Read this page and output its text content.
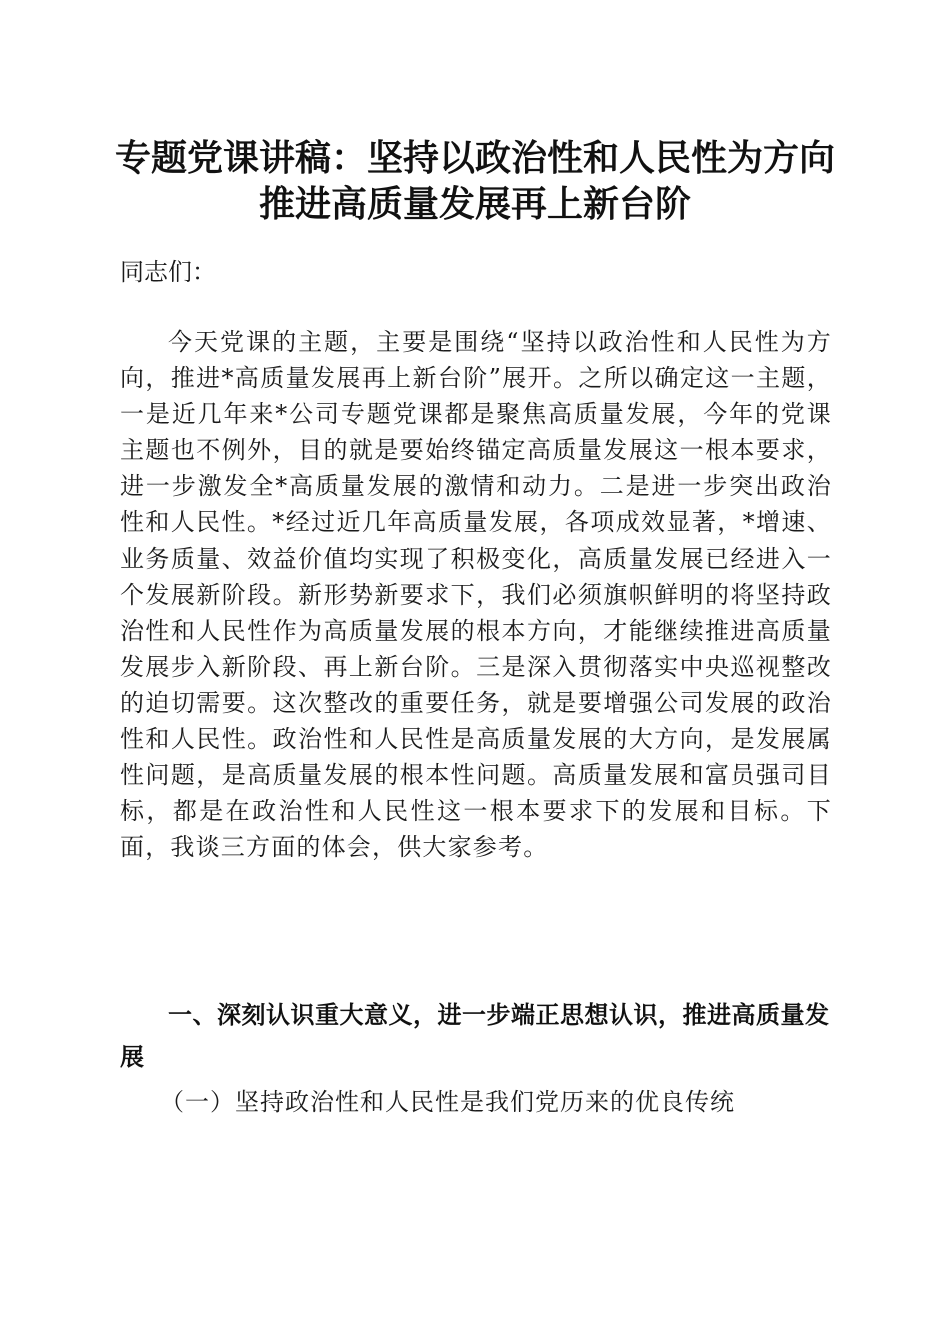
专题党课讲稿：坚持以政治性和人民性为方向
推进高质量发展再上新台阶
同志们：
今天党课的主题，主要是围绕“坚持以政治性和人民性为方向，推进*高质量发展再上新台阶”展开。之所以确定这一主题，一是近几年来*公司专题党课都是聚焦高质量发展，今年的党课主题也不例外，目的就是要始终锚定高质量发展这一根本要求，进一步激发全*高质量发展的激情和动力。二是进一步突出政治性和人民性。*经过近几年高质量发展，各项成效显著，*增速、业务质量、效益价值均实现了积极变化，高质量发展已经进入一个发展新阶段。新形势新要求下，我们必须旗帜鲜明的将坚持政治性和人民性作为高质量发展的根本方向，才能继续推进高质量发展步入新阶段、再上新台阶。三是深入贯彻落实中央巡视整改的迫切需要。这次整改的重要任务，就是要增强公司发展的政治性和人民性。政治性和人民性是高质量发展的大方向，是发展属性问题，是高质量发展的根本性问题。高质量发展和富员强司目标，都是在政治性和人民性这一根本要求下的发展和目标。下面，我谈三方面的体会，供大家参考。
一、深刻认识重大意义，进一步端正思想认识，推进高质量发展
（一）坚持政治性和人民性是我们党历来的优良传统
